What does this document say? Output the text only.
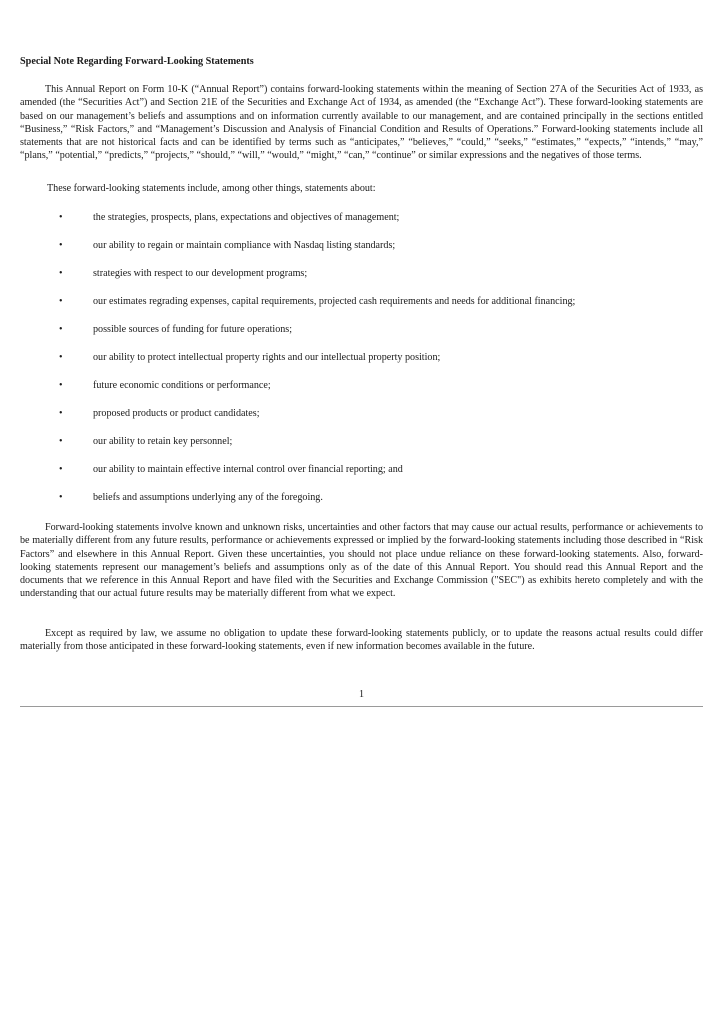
Special Note Regarding Forward-Looking Statements

This Annual Report on Form 10-K (“Annual Report”) contains forward-looking statements within the meaning of Section 27A of the Securities Act of 1933, as amended (the “Securities Act”) and Section 21E of the Securities and Exchange Act of 1934, as amended (the “Exchange Act”). These forward-looking statements are based on our management’s beliefs and assumptions and on information currently available to our management, and are contained principally in the sections entitled “Business,” “Risk Factors,” and “Management’s Discussion and Analysis of Financial Condition and Results of Operations.” Forward-looking statements include all statements that are not historical facts and can be identified by terms such as “anticipates,” “believes,” “could,” “seeks,” “estimates,” “expects,” “intends,” “may,” “plans,” “potential,” “predicts,” “projects,” “should,” “will,” “would,” “might,” “can,” “continue” or similar expressions and the negatives of those terms.

These forward-looking statements include, among other things, statements about:

•	the strategies, prospects, plans, expectations and objectives of management;
•	our ability to regain or maintain compliance with Nasdaq listing standards;
•	strategies with respect to our development programs;
•	our estimates regrading expenses, capital requirements, projected cash requirements and needs for additional financing;
•	possible sources of funding for future operations;
•	our ability to protect intellectual property rights and our intellectual property position;
•	future economic conditions or performance;
•	proposed products or product candidates;
•	our ability to retain key personnel;
•	our ability to maintain effective internal control over financial reporting; and
•	beliefs and assumptions underlying any of the foregoing.

Forward-looking statements involve known and unknown risks, uncertainties and other factors that may cause our actual results, performance or achievements to be materially different from any future results, performance or achievements expressed or implied by the forward-looking statements including those described in “Risk Factors” and elsewhere in this Annual Report. Given these uncertainties, you should not place undue reliance on these forward-looking statements. Also, forward-looking statements represent our management’s beliefs and assumptions only as of the date of this Annual Report. You should read this Annual Report and the documents that we reference in this Annual Report and have filed with the Securities and Exchange Commission ("SEC") as exhibits hereto completely and with the understanding that our actual future results may be materially different from what we expect.

Except as required by law, we assume no obligation to update these forward-looking statements publicly, or to update the reasons actual results could differ materially from those anticipated in these forward-looking statements, even if new information becomes available in the future.

1
